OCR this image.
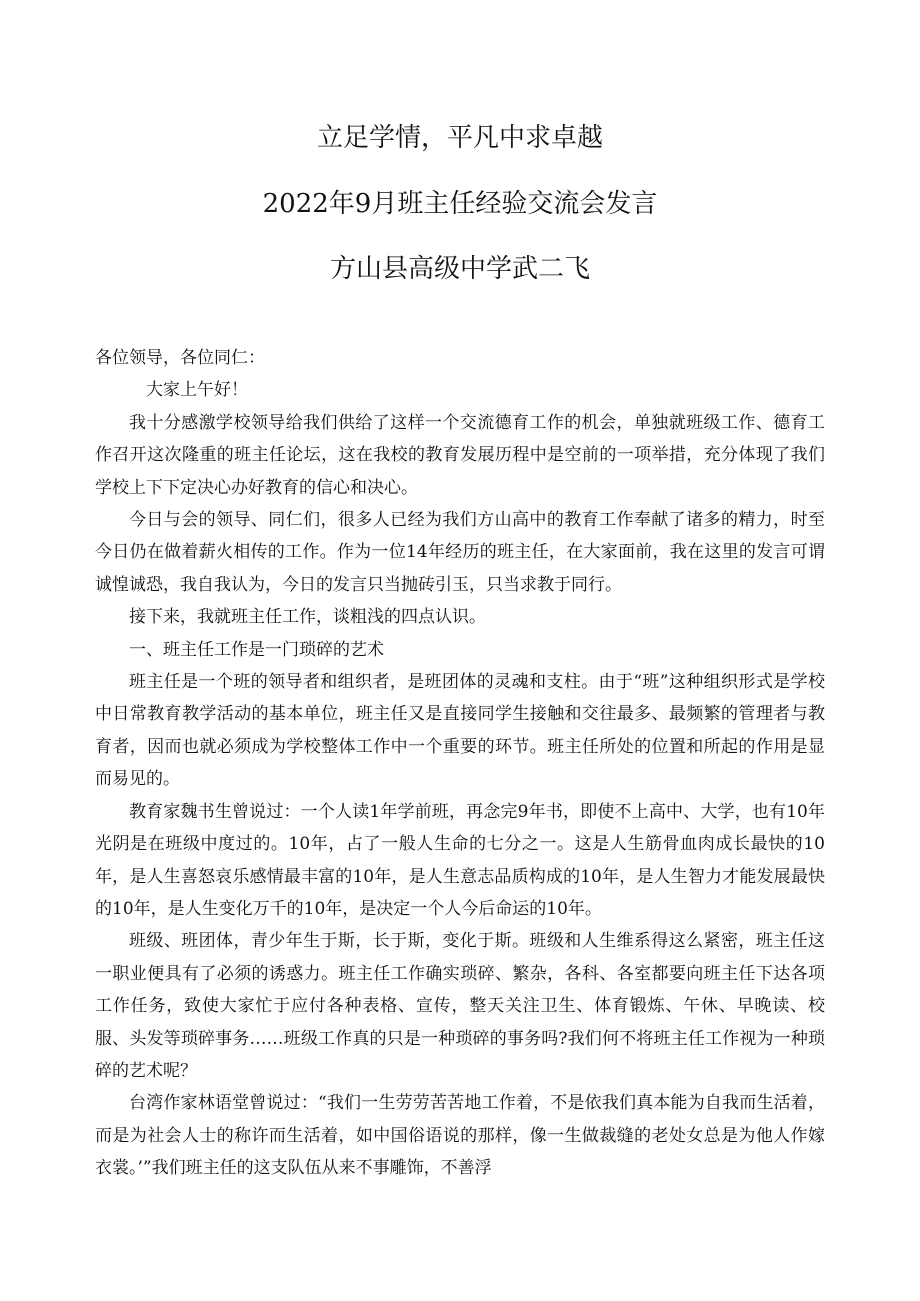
立足学情，平凡中求卓越
2022年9月班主任经验交流会发言
方山县高级中学武二飞

各位领导，各位同仁：

大家上午好！

我十分感激学校领导给我们供给了这样一个交流德育工作的机会，单独就班级工作、德育工作召开这次隆重的班主任论坛，这在我校的教育发展历程中是空前的一项举措，充分体现了我们学校上下下定决心办好教育的信心和决心。

今日与会的领导、同仁们，很多人已经为我们方山高中的教育工作奉献了诸多的精力，时至今日仍在做着薪火相传的工作。作为一位14年经历的班主任，在大家面前，我在这里的发言可谓诚惶诚恐，我自我认为，今日的发言只当抛砖引玉，只当求教于同行。

接下来，我就班主任工作，谈粗浅的四点认识。

一、班主任工作是一门琐碎的艺术

班主任是一个班的领导者和组织者，是班团体的灵魂和支柱。由于“班”这种组织形式是学校中日常教育教学活动的基本单位，班主任又是直接同学生接触和交往最多、最频繁的管理者与教育者，因而也就必须成为学校整体工作中一个重要的环节。班主任所处的位置和所起的作用是显而易见的。

教育家魏书生曾说过：一个人读1年学前班，再念完9年书，即使不上高中、大学，也有10年光阴是在班级中度过的。10年，占了一般人生命的七分之一。这是人生筋骨血肉成长最快的10年，是人生喜怒哀乐感情最丰富的10年，是人生意志品质构成的10年，是人生智力才能发展最快的10年，是人生变化万千的10年，是决定一个人今后命运的10年。

班级、班团体，青少年生于斯，长于斯，变化于斯。班级和人生维系得这么紧密，班主任这一职业便具有了必须的诱惑力。班主任工作确实琐碎、繁杂，各科、各室都要向班主任下达各项工作任务，致使大家忙于应付各种表格、宣传，整天关注卫生、体育锻炼、午休、早晚读、校服、头发等琐碎事务……班级工作真的只是一种琐碎的事务吗?我们何不将班主任工作视为一种琐碎的艺术呢？

台湾作家林语堂曾说过：“我们一生劳劳苦苦地工作着，不是依我们真本能为自我而生活着，而是为社会人士的称许而生活着，如中国俗语说的那样，像一生做裁缝的老处女总是为他人作嫁衣裳。’”我们班主任的这支队伍从来不事雕饰，不善浮
